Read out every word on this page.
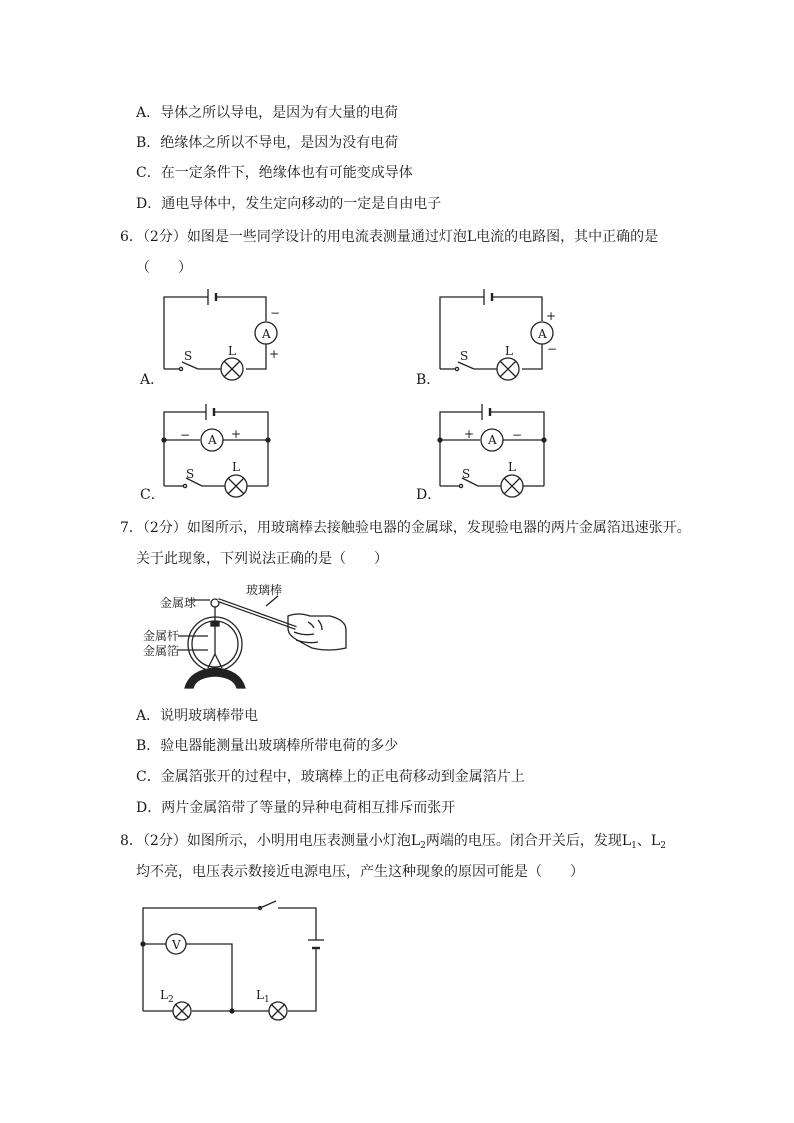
A．导体之所以导电，是因为有大量的电荷
B．绝缘体之所以不导电，是因为没有电荷
C．在一定条件下，绝缘体也有可能变成导体
D．通电导体中，发生定向移动的一定是自由电子
6．（2分）如图是一些同学设计的用电流表测量通过灯泡L电流的电路图，其中正确的是
（　　）
A
−
+
S	L
A．
A
+
−
S	L
B．
A
−	+
S	L
C．
A
+	−
S	L
D．
7．（2分）如图所示，用玻璃棒去接触验电器的金属球，发现验电器的两片金属箔迅速张开。
关于此现象，下列说法正确的是（　　）
玻璃棒
金属球
金属杆
金属箔
A．说明玻璃棒带电
B．验电器能测量出玻璃棒所带电荷的多少
C．金属箔张开的过程中，玻璃棒上的正电荷移动到金属箔片上
D．两片金属箔带了等量的异种电荷相互排斥而张开
8．（2分）如图所示，小明用电压表测量小灯泡$L_2$两端的电压。闭合开关后，发现$L_1$、$L_2$
均不亮，电压表示数接近电源电压，产生这种现象的原因可能是（　　）
V
$L_2$	$L_1$
